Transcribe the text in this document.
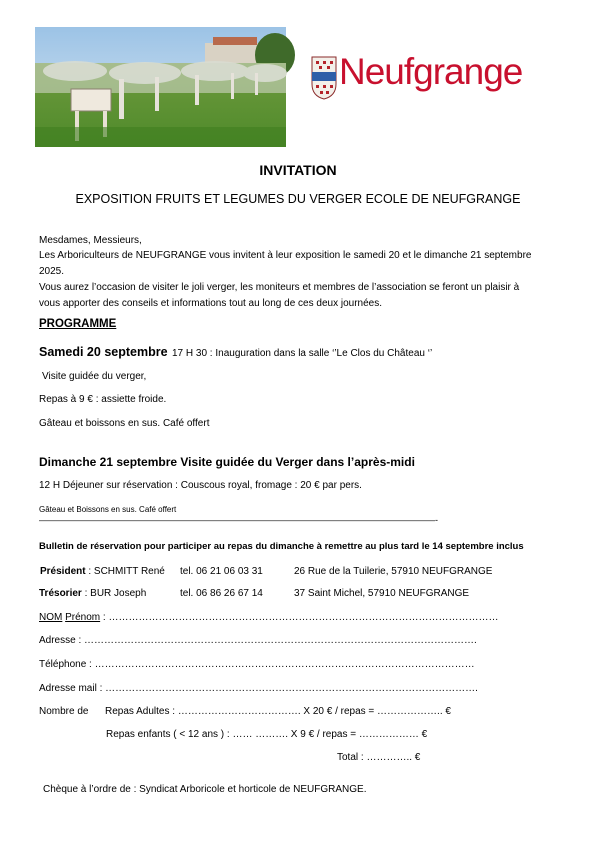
Neufgrange
INVITATION
EXPOSITION FRUITS ET LEGUMES DU VERGER ECOLE DE NEUFGRANGE
Mesdames, Messieurs,
Les Arboriculteurs de NEUFGRANGE vous invitent à leur exposition le samedi 20 et le dimanche 21 septembre
2025.
Vous aurez l’occasion de visiter le joli verger, les moniteurs et membres de l’association se feront un plaisir à
vous apporter des conseils et informations tout au long de ces deux journées.
PROGRAMME
Samedi 20 septembre 17 H 30 : Inauguration dans la salle ‘’Le Clos du Château ‘’
Visite guidée du verger,
Repas à 9 € : assiette froide.
Gâteau et boissons en sus. Café offert
Dimanche 21 septembre Visite guidée du Verger dans l’après-midi
12 H Déjeuner sur réservation : Couscous royal, fromage : 20 € par pers.
Gâteau et Boissons en sus. Café offert
————————————————————————————————————————————-
Bulletin de réservation pour participer au repas du dimanche à remettre au plus tard le 14 septembre inclus
Président : SCHMITT René tel. 06 21 06 03 31	26 Rue de la Tuilerie, 57910 NEUFGRANGE
Trésorier : BUR Joseph	tel. 06 86 26 67 14	37 Saint Michel, 57910 NEUFGRANGE
NOM Prénom : ………………………………………………………………………………………………………
Adresse : ……………………………………………………………………………………………………….
Téléphone : ……………………………………………………………………………………………………
Adresse mail : ………………………………………………………………………………………………….
Nombre de Repas Adultes : ………………………………. X 20 € / repas = ……………….. €
Repas enfants ( < 12 ans ) : …… ………. X 9 € / repas = ……………… €
Total : ………….. €
Chèque à l’ordre de : Syndicat Arboricole et horticole de NEUFGRANGE.
